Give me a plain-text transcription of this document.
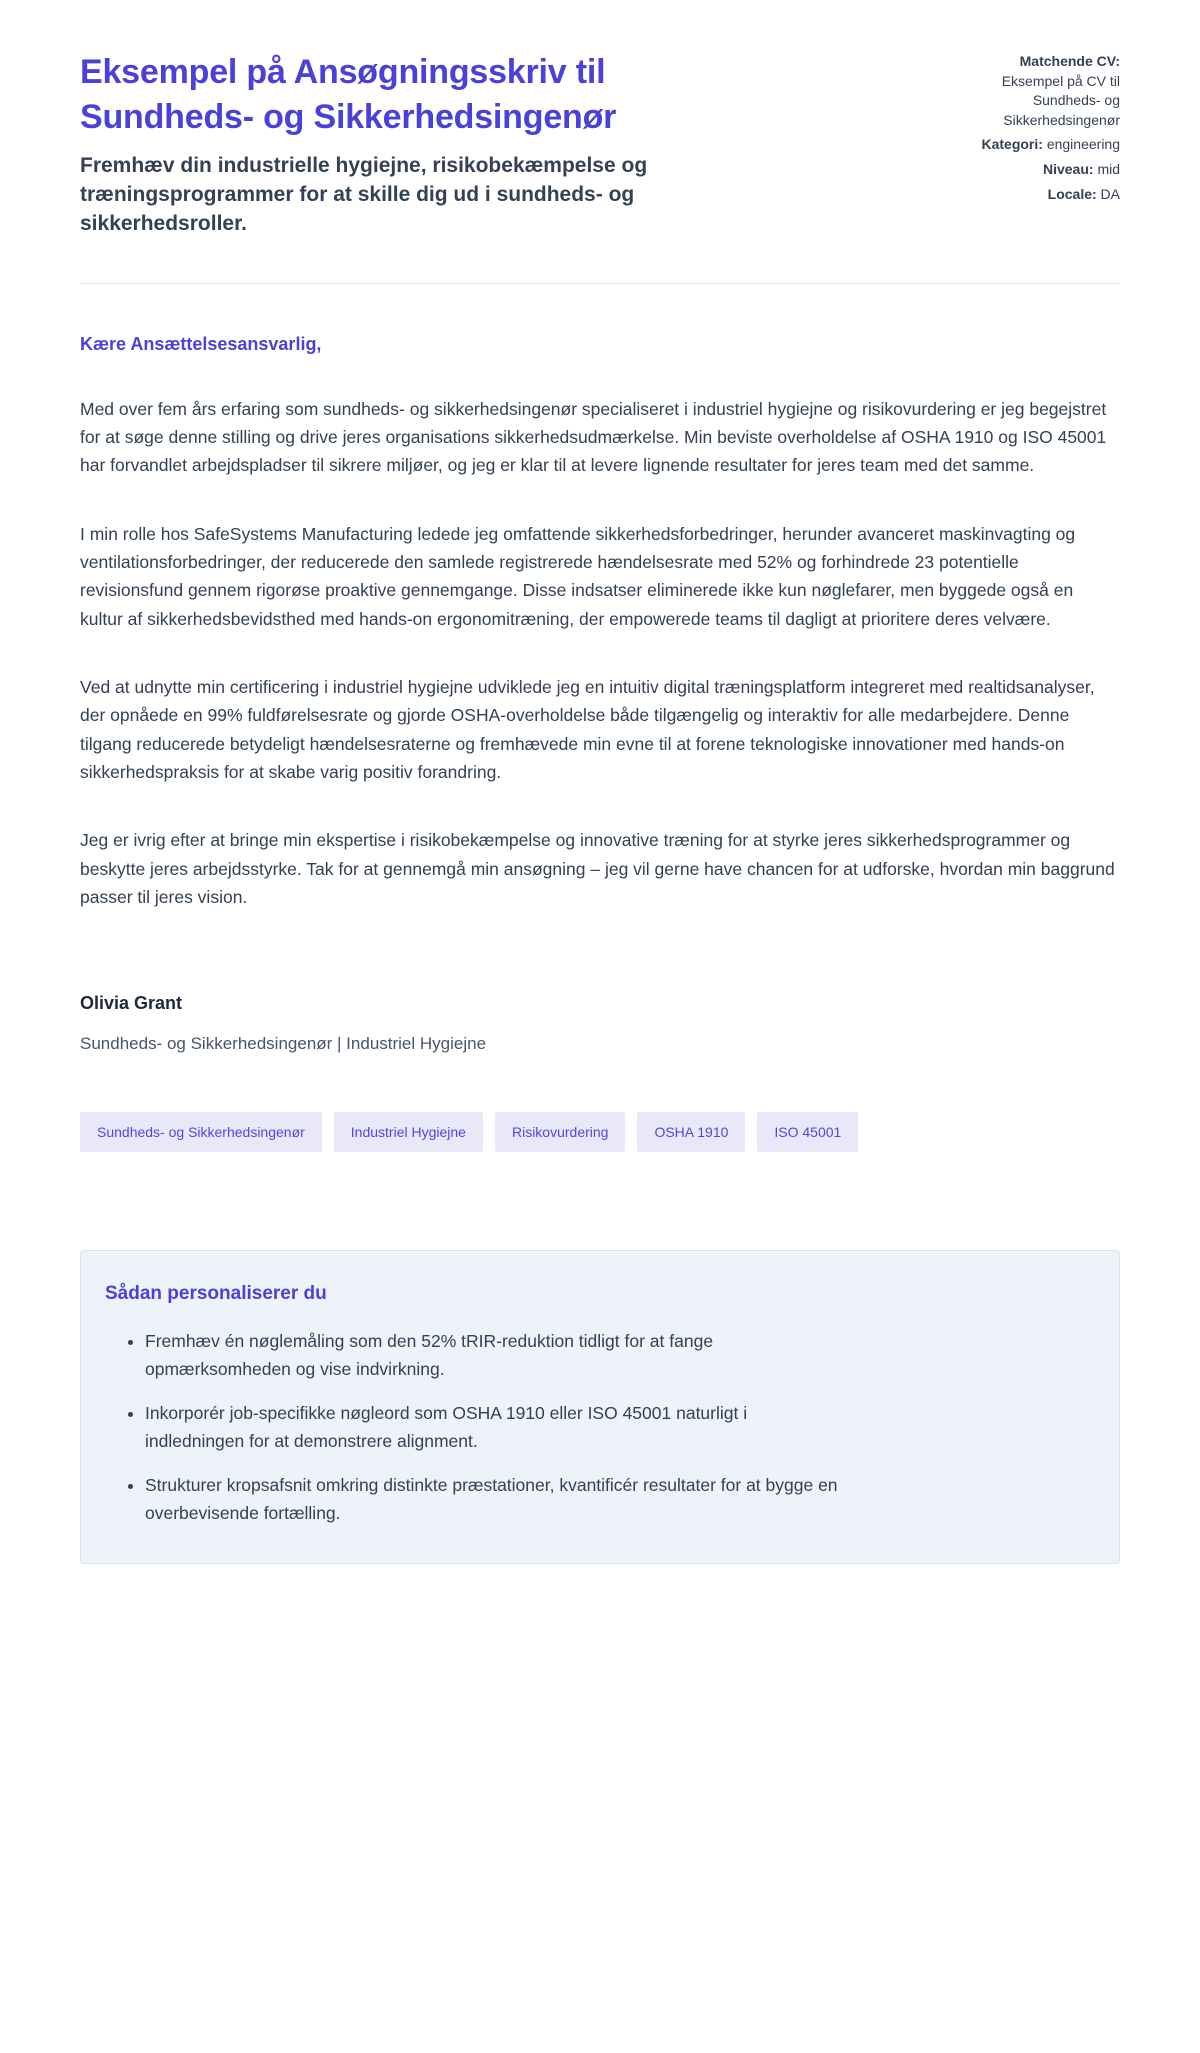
Eksempel på Ansøgningsskriv til Sundheds- og Sikkerhedsingenør
Fremhæv din industrielle hygiejne, risikobekæmpelse og træningsprogrammer for at skille dig ud i sundheds- og sikkerhedsroller.
Matchende CV:
Eksempel på CV til Sundheds- og Sikkerhedsingenør
Kategori: engineering
Niveau: mid
Locale: DA
Kære Ansættelsesansvarlig,

Med over fem års erfaring som sundheds- og sikkerhedsingenør specialiseret i industriel hygiejne og risikovurdering er jeg begejstret for at søge denne stilling og drive jeres organisations sikkerhedsudmærkelse. Min beviste overholdelse af OSHA 1910 og ISO 45001 har forvandlet arbejdspladser til sikrere miljøer, og jeg er klar til at levere lignende resultater for jeres team med det samme.

I min rolle hos SafeSystems Manufacturing ledede jeg omfattende sikkerhedsforbedringer, herunder avanceret maskinvagting og ventilationsforbedringer, der reducerede den samlede registrerede hændelsesrate med 52% og forhindrede 23 potentielle revisionsfund gennem rigorøse proaktive gennemgange. Disse indsatser eliminerede ikke kun nøglefarer, men byggede også en kultur af sikkerhedsbevidsthed med hands-on ergonomitræning, der empowerede teams til dagligt at prioritere deres velvære.

Ved at udnytte min certificering i industriel hygiejne udviklede jeg en intuitiv digital træningsplatform integreret med realtidsanalyser, der opnåede en 99% fuldførelsesrate og gjorde OSHA-overholdelse både tilgængelig og interaktiv for alle medarbejdere. Denne tilgang reducerede betydeligt hændelsesraterne og fremhævede min evne til at forene teknologiske innovationer med hands-on sikkerhedspraksis for at skabe varig positiv forandring.

Jeg er ivrig efter at bringe min ekspertise i risikobekæmpelse og innovative træning for at styrke jeres sikkerhedsprogrammer og beskytte jeres arbejdsstyrke. Tak for at gennemgå min ansøgning – jeg vil gerne have chancen for at udforske, hvordan min baggrund passer til jeres vision.

Olivia Grant
Sundheds- og Sikkerhedsingenør | Industriel Hygiejne
Sundheds- og Sikkerhedsingenør	Industriel Hygiejne	Risikovurdering	OSHA 1910	ISO 45001
Sådan personaliserer du
• Fremhæv én nøglemåling som den 52% tRIR-reduktion tidligt for at fange opmærksomheden og vise indvirkning.
• Inkorporér job-specifikke nøgleord som OSHA 1910 eller ISO 45001 naturligt i indledningen for at demonstrere alignment.
• Strukturer kropsafsnit omkring distinkte præstationer, kvantificér resultater for at bygge en overbevisende fortælling.
